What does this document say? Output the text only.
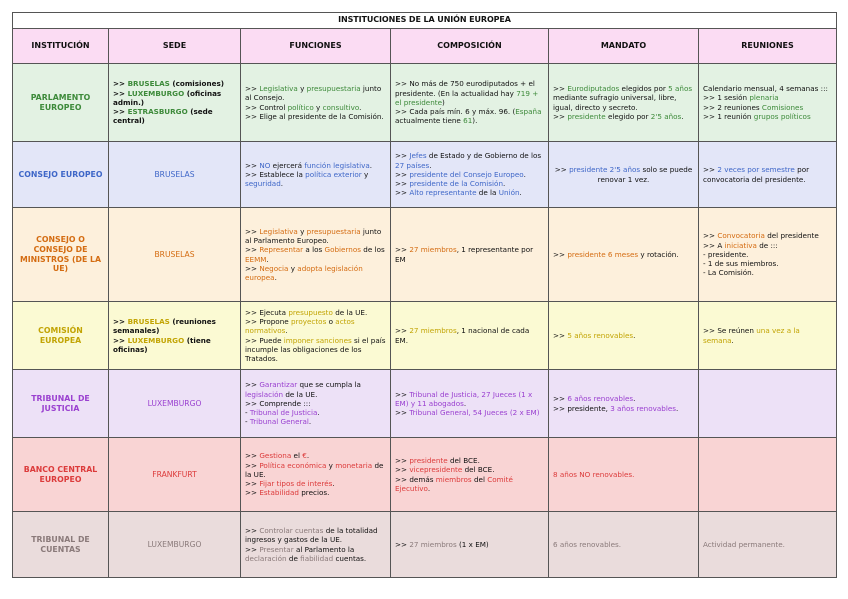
INSTITUCIONES DE LA UNIÓN EUROPEA					
INSTITUCIÓN	SEDE	FUNCIONES	COMPOSICIÓN	MANDATO	REUNIONES
PARLAMENTO EUROPEO	>> BRUSELAS (comisiones)
>> LUXEMBURGO (oficinas admin.)
>> ESTRASBURGO (sede central)	>> Legislativa y presupuestaria junto al Consejo.
>> Control político y consultivo.
>> Elige al presidente de la Comisión.	>> No más de 750 eurodiputados + el presidente. (En la actualidad hay 719 + el presidente)
>> Cada país mín. 6 y máx. 96. (España actualmente tiene 61).	>> Eurodiputados elegidos por 5 años mediante sufragio universal, libre, igual, directo y secreto.
>> presidente elegido por 2'5 años.	Calendario mensual, 4 semanas :::
>> 1 sesión plenaria
>> 2 reuniones Comisiones
>> 1 reunión grupos políticos

CONSEJO EUROPEO	BRUSELAS	>> NO ejercerá función legislativa.
>> Establece la política exterior y seguridad.	>> Jefes de Estado y de Gobierno de los 27 países.
>> presidente del Consejo Europeo.
>> presidente de la Comisión.
>> Alto representante de la Unión.	>> presidente 2'5 años solo se puede renovar 1 vez.	>> 2 veces por semestre por convocatoria del presidente.

CONSEJO O CONSEJO DE MINISTROS (DE LA UE)	BRUSELAS	>> Legislativa y presupuestaria junto al Parlamento Europeo.
>> Representar a los Gobiernos de los EEMM.
>> Negocia y adopta legislación europea.	>> 27 miembros, 1 representante por EM	>> presidente 6 meses y rotación.	>> Convocatoria del presidente
>> A iniciativa de :::
- presidente.
- 1 de sus miembros.
- La Comisión.

COMISIÓN EUROPEA	>> BRUSELAS (reuniones semanales)
>> LUXEMBURGO (tiene oficinas)	>> Ejecuta presupuesto de la UE.
>> Propone proyectos o actos normativos.
>> Puede imponer sanciones si el país incumple las obligaciones de los Tratados.	>> 27 miembros, 1 nacional de cada EM.	>> 5 años renovables.	>> Se reúnen una vez a la semana.

TRIBUNAL DE JUSTICIA	LUXEMBURGO	>> Garantizar que se cumpla la legislación de la UE.
>> Comprende :::
- Tribunal de Justicia.
- Tribunal General.	>> Tribunal de Justicia, 27 Jueces (1 x EM) y 11 abogados.
>> Tribunal General, 54 Jueces (2 x EM)	>> 6 años renovables.
>> presidente, 3 años renovables.	

BANCO CENTRAL EUROPEO	FRANKFURT	>> Gestiona el €.
>> Política económica y monetaria de la UE.
>> Fijar tipos de interés.
>> Estabilidad precios.	>> presidente del BCE.
>> vicepresidente del BCE.
>> demás miembros del Comité Ejecutivo.	8 años NO renovables.	

TRIBUNAL DE CUENTAS	LUXEMBURGO	>> Controlar cuentas de la totalidad ingresos y gastos de la UE.
>> Presentar al Parlamento la declaración de fiabilidad cuentas.	>> 27 miembros (1 x EM)	6 años renovables.	Actividad permanente.
